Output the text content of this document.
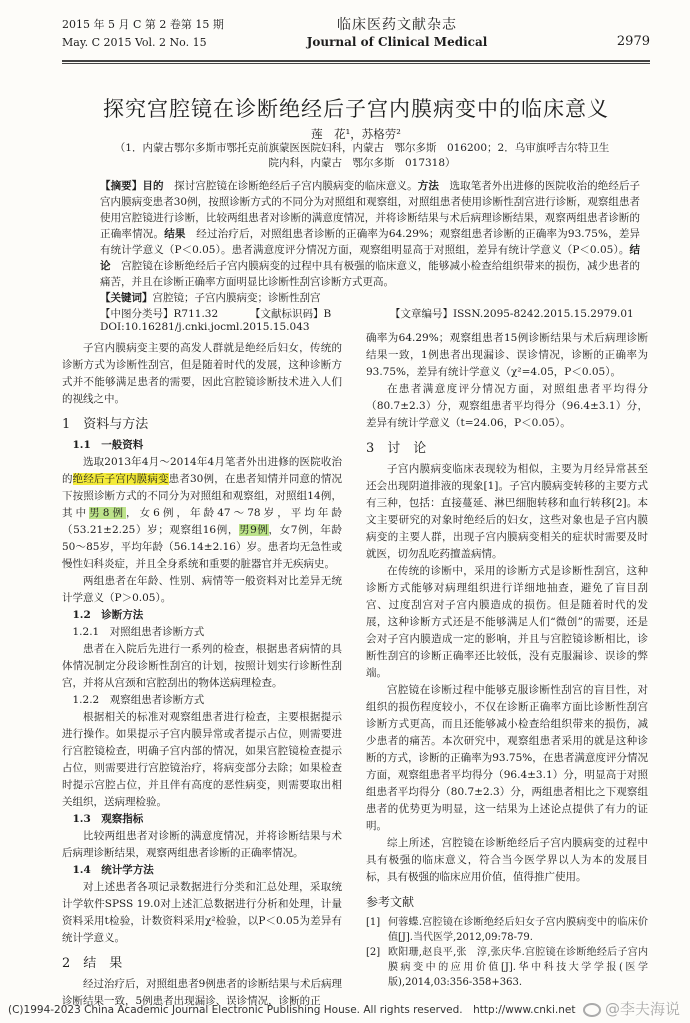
2015 年 5 月 C 第 2 卷第 15 期
May. C 2015 Vol. 2 No. 15
临床医药文献杂志
Journal of Clinical Medical	2979
探究宫腔镜在诊断绝经后子宫内膜病变中的临床意义
莲　花¹，苏格劳²
（1．内蒙古鄂尔多斯市鄂托克前旗蒙医医院妇科，内蒙古　鄂尔多斯　016200；2．乌审旗呼吉尔特卫生院内科，内蒙古　鄂尔多斯　017318）
【摘要】目的　 探讨宫腔镜在诊断绝经后子宫内膜病变的临床意义。方法　 选取笔者外出进修的医院收治的绝经后子宫内膜病变患者30例，按照诊断方式的不同分为对照组和观察组，对照组患者使用诊断性刮宫进行诊断，观察组患者使用宫腔镜进行诊断，比较两组患者对诊断的满意度情况，并将诊断结果与术后病理诊断结果，观察两组患者诊断的正确率情况。结果　 经过治疗后，对照组患者诊断的正确率为64.29%；观察组患者诊断的正确率为93.75%，差异有统计学意义（P＜0.05）。患者满意度评分情况方面，观察组明显高于对照组，差异有统计学意义（P＜0.05）。结论　 宫腔镜在诊断绝经后子宫内膜病变的过程中具有极强的临床意义，能够减小检查给组织带来的损伤，减少患者的痛苦，并且在诊断正确率方面明显比诊断性刮宫诊断方式更高。
【关键词】宫腔镜；子宫内膜病变；诊断性刮宫
【中图分类号】R711.32	【文献标识码】B	【文章编号】ISSN.2095-8242.2015.15.2979.01
DOI:10.16281/j.cnki.jocml.2015.15.043

子宫内膜病变主要的高发人群就是绝经后妇女，传统的诊断方式为诊断性刮宫，但是随着时代的发展，这种诊断方式并不能够满足患者的需要，因此宫腔镜诊断技术进入人们的视线之中。

1　资料与方法
1.1　一般资料

选取2013年4月～2014年4月笔者外出进修的医院收治的绝经后子宫内膜病变患者30例，在患者知情并同意的情况下按照诊断方式的不同分为对照组和观察组，对照组14例，其中男8例，女6例，年龄47～78岁，平均年龄（53.21±2.25）岁；观察组16例，男9例，女7例，年龄50～85岁，平均年龄（56.14±2.16）岁。患者均无急性或慢性妇科炎症，并且全身系统和重要的脏器官并无疾病史。

两组患者在年龄、性别、病情等一般资料对比差异无统计学意义（P＞0.05）。

1.2　诊断方法
1.2.1　对照组患者诊断方式

患者在入院后先进行一系列的检查，根据患者病情的具体情况制定分段诊断性刮宫的计划，按照计划实行诊断性刮宫，并将从宫颈和宫腔刮出的物体送病理检查。

1.2.2　观察组患者诊断方式

根据相关的标准对观察组患者进行检查，主要根据提示进行操作。如果提示子宫内膜异常或者提示占位，则需要进行宫腔镜检查，明确子宫内部的情况，如果宫腔镜检查提示占位，则需要进行宫腔镜治疗，将病变部分去除；如果检查时提示宫腔占位，并且伴有高度的恶性病变，则需要取出相关组织，送病理检验。

1.3　观察指标

比较两组患者对诊断的满意度情况，并将诊断结果与术后病理诊断结果，观察两组患者诊断的正确率情况。

1.4　统计学方法

对上述患者各项记录数据进行分类和汇总处理，采取统计学软件SPSS 19.0对上述汇总数据进行分析和处理，计量资料采用t检验，计数资料采用χ²检验，以P＜0.05为差异有统计学意义。

2　结　果

经过治疗后，对照组患者9例患者的诊断结果与术后病理诊断结果一致，5例患者出现漏诊、误诊情况，诊断的正

确率为64.29%；观察组患者15例诊断结果与术后病理诊断结果一致，1例患者出现漏诊、误诊情况，诊断的正确率为93.75%，差异有统计学意义（χ²=4.05，P＜0.05）。

在患者满意度评分情况方面，对照组患者平均得分（80.7±2.3）分，观察组患者平均得分（96.4±3.1）分，差异有统计学意义（t=24.06，P＜0.05）。

3　讨　论

子宫内膜病变临床表现较为相似，主要为月经异常甚至还会出现阴道排液的现象[1]。子宫内膜病变转移的主要方式有三种，包括：直接蔓延、淋巴细胞转移和血行转移[2]。本文主要研究的对象时绝经后的妇女，这些对象也是子宫内膜病变的主要人群，出现子宫内膜病变相关的症状时需要及时就医，切勿乱吃药擅盖病情。

在传统的诊断中，采用的诊断方式是诊断性刮宫，这种诊断方式能够对病理组织进行详细地抽查，避免了盲目刮宫、过度刮宫对子宫内膜造成的损伤。但是随着时代的发展，这种诊断方式还是不能够满足人们“微创”的需要，还是会对子宫内膜造成一定的影响，并且与宫腔镜诊断相比，诊断性刮宫的诊断正确率还比较低，没有克服漏诊、误诊的弊端。

宫腔镜在诊断过程中能够克服诊断性刮宫的盲目性，对组织的损伤程度较小，不仅在诊断正确率方面比诊断性刮宫诊断方式更高，而且还能够减小检查给组织带来的损伤，减少患者的痛苦。本次研究中，观察组患者采用的就是这种诊断的方式，诊断的正确率为93.75%，在患者满意度评分情况方面，观察组患者平均得分（96.4±3.1）分，明显高于对照组患者平均得分（80.7±2.3）分，两组患者相比之下观察组患者的优势更为明显，这一结果为上述论点提供了有力的证明。

综上所述，宫腔镜在诊断绝经后子宫内膜病变的过程中具有极强的临床意义，符合当今医学界以人为本的发展目标，具有极强的临床应用价值，值得推广使用。

参考文献

[1] 何蓉蝶.宫腔镜在诊断绝经后妇女子宫内膜病变中的临床价值[J].当代医学,2012,09:78-79.

[2] 欧阳珊,赵良平,张　淳,张庆华.宫腔镜在诊断绝经后子宫内膜病变中的应用价值[J].华中科技大学学报(医学版),2014,03:356-358+363.

(C)1994-2023 China Academic Journal Electronic Publishing House. All rights reserved.　http://www.cnki.net	@李夫海说
